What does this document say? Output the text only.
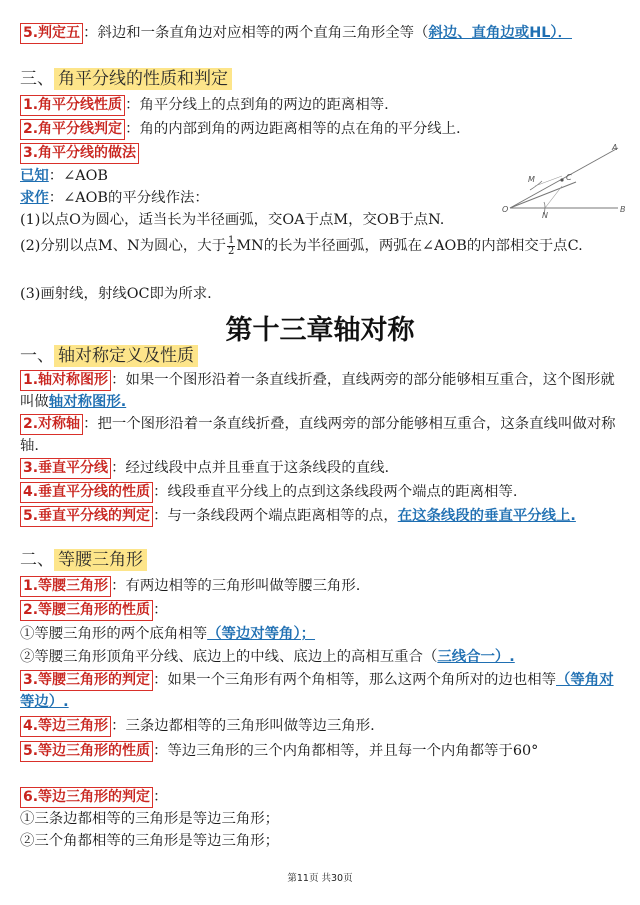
5.判定五 ：斜边和一条直角边对应相等的两个直角三角形全等（斜边、直角边或HL）．
三、 角平分线的性质和判定
1.角平分线性质 ：角平分线上的点到角的两边的距离相等.
2.角平分线判定 ：角的内部到角的两边距离相等的点在角的平分线上.
3.角平分线的做法
已知：∠AOB
求作：∠AOB的平分线作法：
(1)以点O为圆心，适当长为半径画弧，交OA于点M，交OB于点N.
(2)分别以点M、N为圆心，大于 $\frac{1}{2}$ MN的长为半径画弧，两弧在∠AOB的内部相交于点C.
(3)画射线，射线OC即为所求.
A
M	C
O
N
B
第十三章轴对称
一、 轴对称定义及性质
1.轴对称图形 ：如果一个图形沿着一条直线折叠，直线两旁的部分能够相互重合，这个图形就叫做轴对称图形.
2.对称轴 ：把一个图形沿着一条直线折叠，直线两旁的部分能够相互重合，这条直线叫做对称轴.
3.垂直平分线 ：经过线段中点并且垂直于这条线段的直线.
4.垂直平分线的性质 ：线段垂直平分线上的点到这条线段两个端点的距离相等.
5.垂直平分线的判定 ：与一条线段两个端点距离相等的点，在这条线段的垂直平分线上.
二、 等腰三角形
1.等腰三角形 ：有两边相等的三角形叫做等腰三角形.
2.等腰三角形的性质 ：
①等腰三角形的两个底角相等（等边对等角）；
②等腰三角形顶角平分线、底边上的中线、底边上的高相互重合（三线合一）.
3.等腰三角形的判定 ：如果一个三角形有两个角相等，那么这两个角所对的边也相等（等角对等边）.
4.等边三角形 ：三条边都相等的三角形叫做等边三角形.
5.等边三角形的性质 ：等边三角形的三个内角都相等，并且每一个内角都等于60°
6.等边三角形的判定 ：
①三条边都相等的三角形是等边三角形；
②三个角都相等的三角形是等边三角形；
第11页 共30页
